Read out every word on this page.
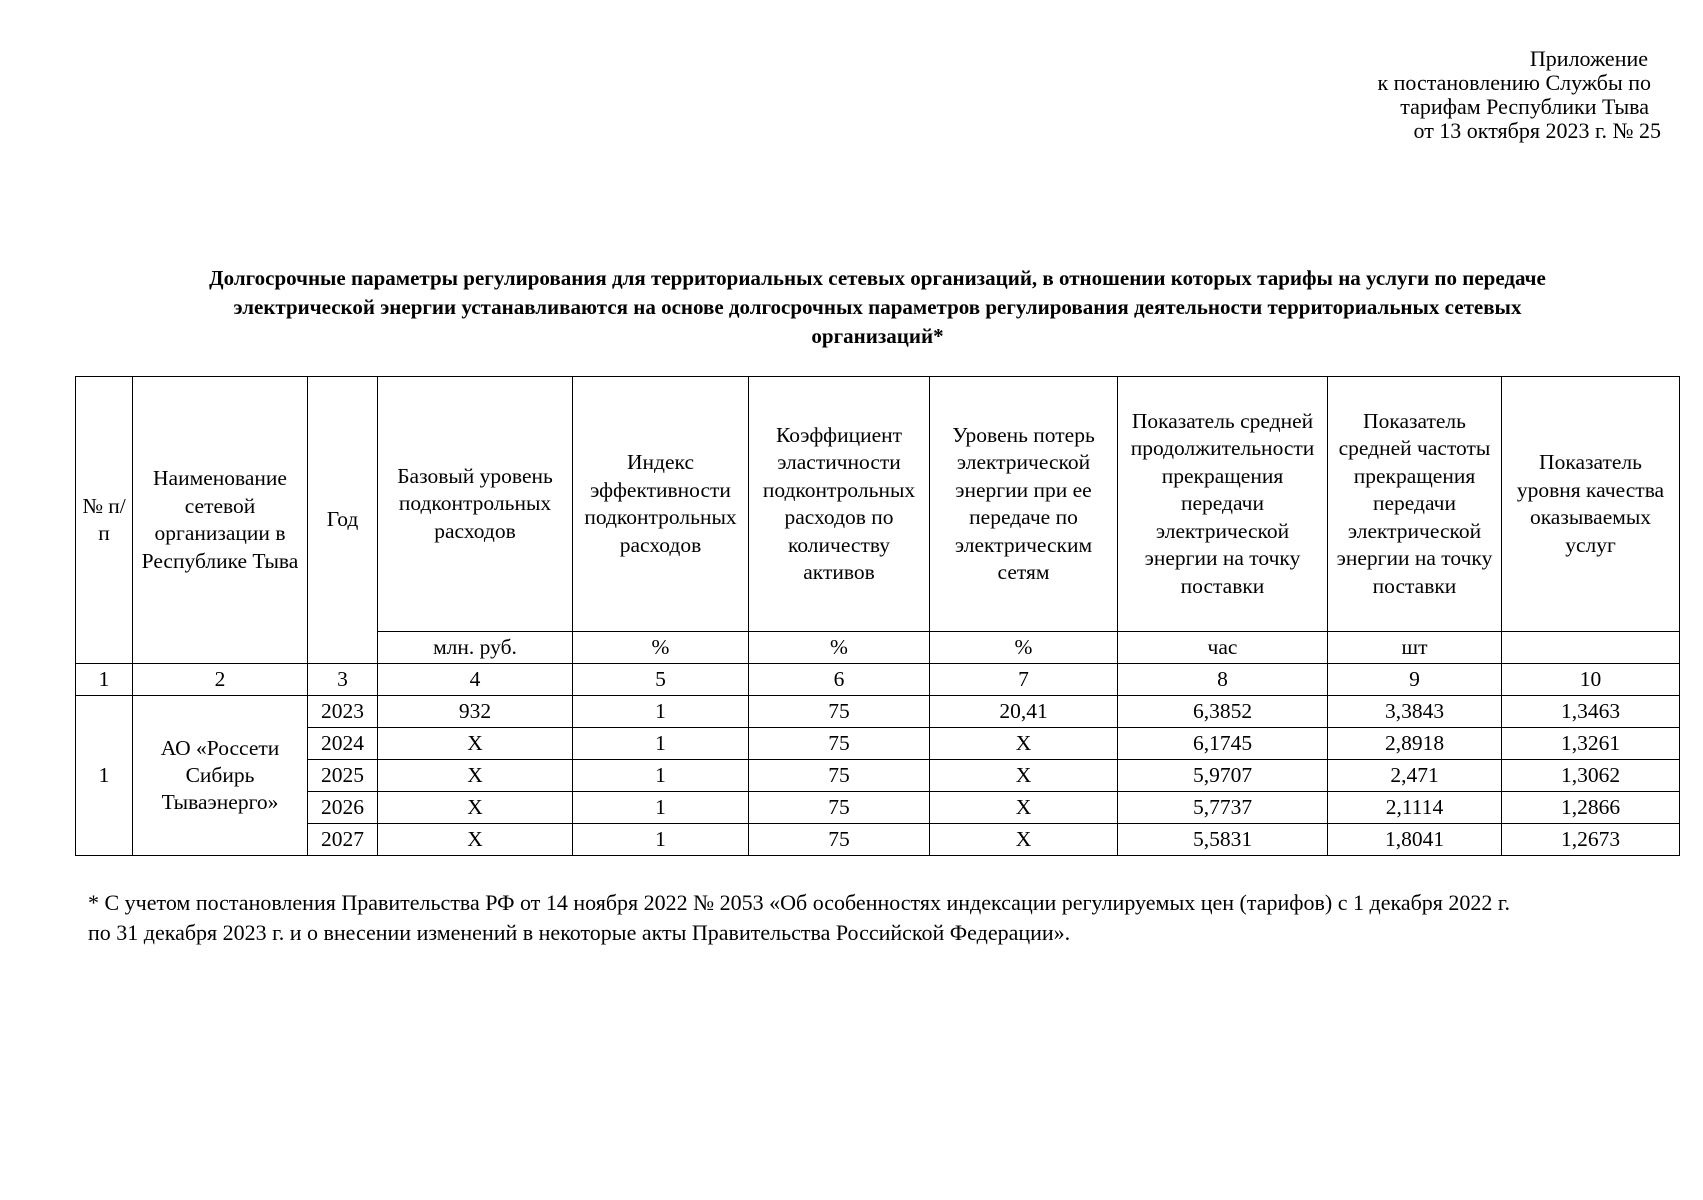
Приложение
к постановлению Службы по
тарифам Республики Тыва
от 13 октября 2023 г. № 25
Долгосрочные параметры регулирования для территориальных сетевых организаций, в отношении которых тарифы на услуги по передаче
электрической энергии устанавливаются на основе долгосрочных параметров регулирования деятельности территориальных сетевых
организаций*
№ п/п	Наименование сетевой организации в Республике Тыва	Год	Базовый уровень подконтрольных расходов	Индекс эффективности подконтрольных расходов	Коэффициент эластичности подконтрольных расходов по количеству активов	Уровень потерь электрической энергии при ее передаче по электрическим сетям	Показатель средней продолжительности прекращения передачи электрической энергии на точку поставки	Показатель средней частоты прекращения передачи электрической энергии на точку поставки	Показатель уровня качества оказываемых услуг
			млн. руб.	%	%	%	час	шт	
1	2	3	4	5	6	7	8	9	10
1	АО «Россети Сибирь Тываэнерго»	2023	932	1	75	20,41	6,3852	3,3843	1,3463
		2024	X	1	75	X	6,1745	2,8918	1,3261
		2025	X	1	75	X	5,9707	2,471	1,3062
		2026	X	1	75	X	5,7737	2,1114	1,2866
		2027	X	1	75	X	5,5831	1,8041	1,2673
* С учетом постановления Правительства РФ от 14 ноября 2022 № 2053 «Об особенностях индексации регулируемых цен (тарифов) с 1 декабря 2022 г.
по 31 декабря 2023 г. и о внесении изменений в некоторые акты Правительства Российской Федерации».
